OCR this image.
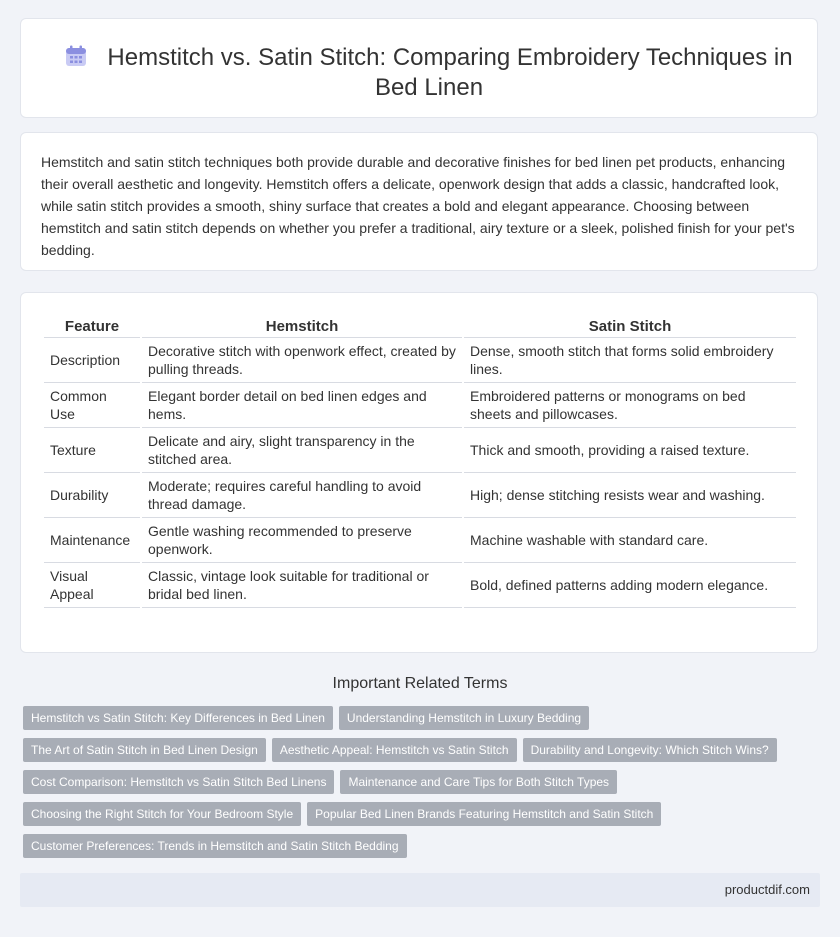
Hemstitch vs. Satin Stitch: Comparing Embroidery Techniques in Bed Linen
Hemstitch and satin stitch techniques both provide durable and decorative finishes for bed linen pet products, enhancing their overall aesthetic and longevity. Hemstitch offers a delicate, openwork design that adds a classic, handcrafted look, while satin stitch provides a smooth, shiny surface that creates a bold and elegant appearance. Choosing between hemstitch and satin stitch depends on whether you prefer a traditional, airy texture or a sleek, polished finish for your pet's bedding.
Feature	Hemstitch	Satin Stitch
Description	Decorative stitch with openwork effect, created by pulling threads.	Dense, smooth stitch that forms solid embroidery lines.
Common Use	Elegant border detail on bed linen edges and hems.	Embroidered patterns or monograms on bed sheets and pillowcases.
Texture	Delicate and airy, slight transparency in the stitched area.	Thick and smooth, providing a raised texture.
Durability	Moderate; requires careful handling to avoid thread damage.	High; dense stitching resists wear and washing.
Maintenance	Gentle washing recommended to preserve openwork.	Machine washable with standard care.
Visual Appeal	Classic, vintage look suitable for traditional or bridal bed linen.	Bold, defined patterns adding modern elegance.
Important Related Terms
Hemstitch vs Satin Stitch: Key Differences in Bed Linen Understanding Hemstitch in Luxury Bedding
The Art of Satin Stitch in Bed Linen Design Aesthetic Appeal: Hemstitch vs Satin Stitch Durability and Longevity: Which Stitch Wins?
Cost Comparison: Hemstitch vs Satin Stitch Bed Linens Maintenance and Care Tips for Both Stitch Types
Choosing the Right Stitch for Your Bedroom Style Popular Bed Linen Brands Featuring Hemstitch and Satin Stitch
Customer Preferences: Trends in Hemstitch and Satin Stitch Bedding
productdif.com
